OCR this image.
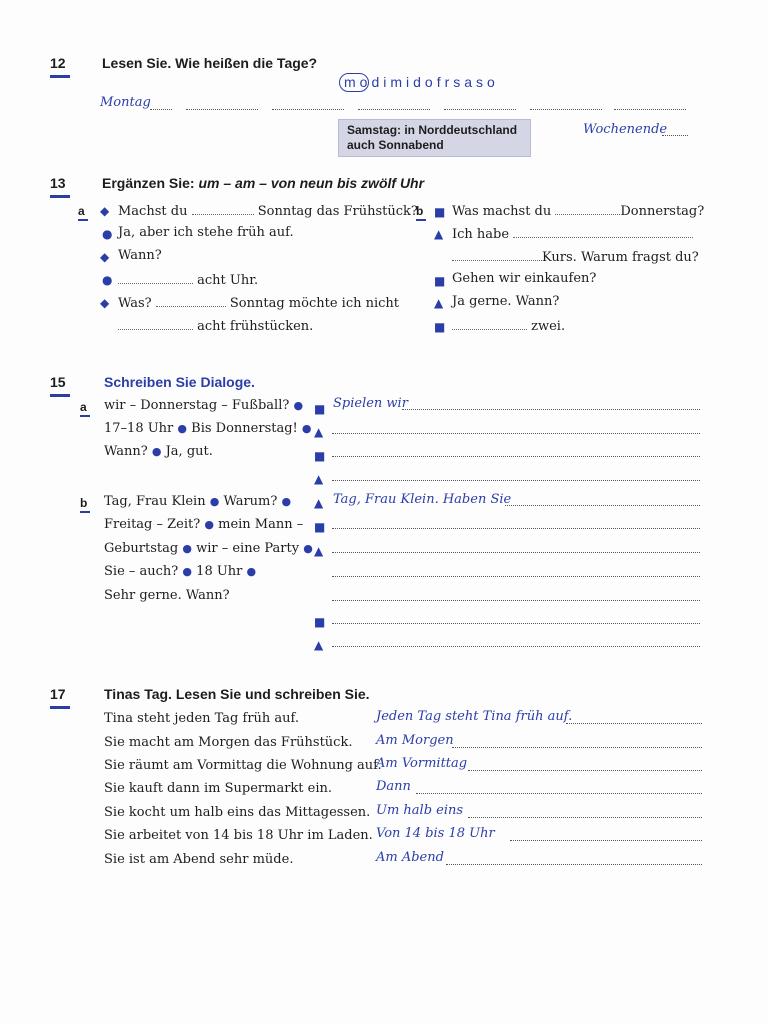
12	Lesen Sie. Wie heißen die Tage?
modimidofrsaso
Montag
Samstag: in Norddeutschland
auch Sonnabend
Wochenende
13	Ergänzen Sie: um – am – von neun bis zwölf Uhr
a ◆ Machst du	Sonntag das Frühstück?
● Ja, aber ich stehe früh auf.
◆ Wann?
●	acht Uhr.
◆ Was?	Sonntag möchte ich nicht
acht frühstücken.
b ■ Was machst du	Donnerstag?
▲ Ich habe
Kurs. Warum fragst du?
■ Gehen wir einkaufen?
▲ Ja gerne. Wann?
■	zwei.
15	Schreiben Sie Dialoge.
a wir – Donnerstag – Fußball? ●
17–18 Uhr ● Bis Donnerstag! ●
Wann? ● Ja, gut.
■ Spielen wir
▲
■
▲
b Tag, Frau Klein ● Warum? ●
Freitag – Zeit? ● mein Mann –
Geburtstag ● wir – eine Party ●
Sie – auch? ● 18 Uhr ●
Sehr gerne. Wann?
▲ Tag, Frau Klein. Haben Sie
■
▲
■
▲
17	Tinas Tag. Lesen Sie und schreiben Sie.
Tina steht jeden Tag früh auf.	Jeden Tag steht Tina früh auf.
Sie macht am Morgen das Frühstück. Am Morgen
Sie räumt am Vormittag die Wohnung auf.
Am Vormittag
Sie kauft dann im Supermarkt ein.	Dann
Sie kocht um halb eins das Mittagessen. Um halb eins
Sie arbeitet von 14 bis 18 Uhr im Laden. Von 14 bis 18 Uhr
Sie ist am Abend sehr müde.	Am Abend
